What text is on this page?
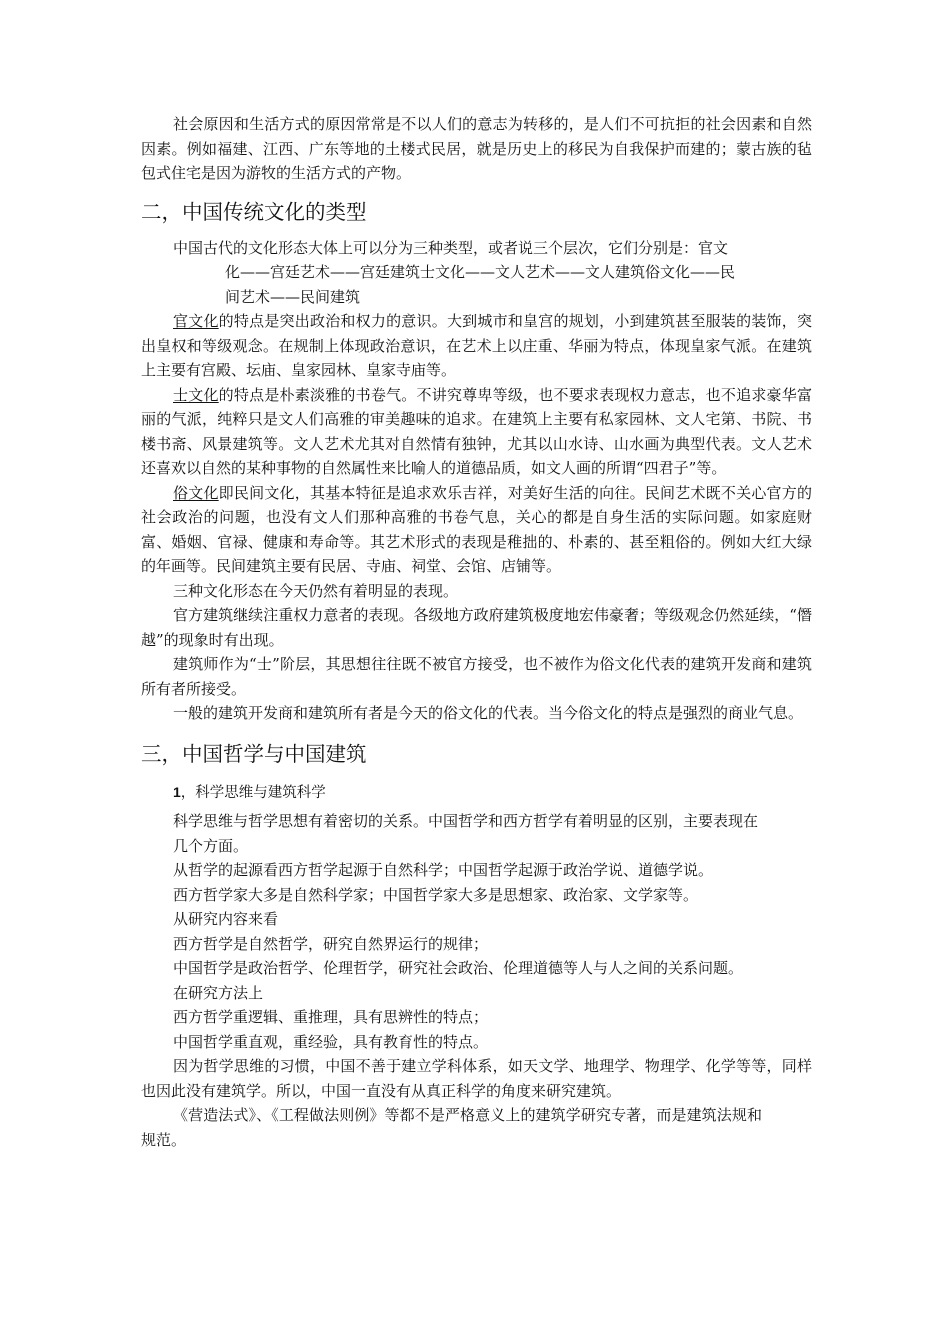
社会原因和生活方式的原因常常是不以人们的意志为转移的，是人们不可抗拒的社会因素和自然因素。例如福建、江西、广东等地的土楼式民居，就是历史上的移民为自我保护而建的；蒙古族的毡包式住宅是因为游牧的生活方式的产物。

二，中国传统文化的类型

中国古代的文化形态大体上可以分为三种类型，或者说三个层次，它们分别是：官文

化——宫廷艺术——宫廷建筑士文化——文人艺术——文人建筑俗文化——民

间艺术——民间建筑

官文化的特点是突出政治和权力的意识。大到城市和皇宫的规划，小到建筑甚至服装的装饰，突出皇权和等级观念。在规制上体现政治意识，在艺术上以庄重、华丽为特点，体现皇家气派。在建筑上主要有宫殿、坛庙、皇家园林、皇家寺庙等。

士文化的特点是朴素淡雅的书卷气。不讲究尊卑等级，也不要求表现权力意志，也不追求豪华富丽的气派，纯粹只是文人们高雅的审美趣味的追求。在建筑上主要有私家园林、文人宅第、书院、书楼书斋、风景建筑等。文人艺术尤其对自然情有独钟，尤其以山水诗、山水画为典型代表。文人艺术还喜欢以自然的某种事物的自然属性来比喻人的道德品质，如文人画的所谓“四君子”等。

俗文化即民间文化，其基本特征是追求欢乐吉祥，对美好生活的向往。民间艺术既不关心官方的社会政治的问题，也没有文人们那种高雅的书卷气息，关心的都是自身生活的实际问题。如家庭财富、婚姻、官禄、健康和寿命等。其艺术形式的表现是稚拙的、朴素的、甚至粗俗的。例如大红大绿的年画等。民间建筑主要有民居、寺庙、祠堂、会馆、店铺等。

三种文化形态在今天仍然有着明显的表现。

官方建筑继续注重权力意者的表现。各级地方政府建筑极度地宏伟豪奢；等级观念仍然延续，“僭越”的现象时有出现。

建筑师作为“士”阶层，其思想往往既不被官方接受，也不被作为俗文化代表的建筑开发商和建筑所有者所接受。

一般的建筑开发商和建筑所有者是今天的俗文化的代表。当今俗文化的特点是强烈的商业气息。

三，中国哲学与中国建筑

1，科学思维与建筑科学

科学思维与哲学思想有着密切的关系。中国哲学和西方哲学有着明显的区别，主要表现在几个方面。

从哲学的起源看西方哲学起源于自然科学；中国哲学起源于政治学说、道德学说。

西方哲学家大多是自然科学家；中国哲学家大多是思想家、政治家、文学家等。

从研究内容来看

西方哲学是自然哲学，研究自然界运行的规律；

中国哲学是政治哲学、伦理哲学，研究社会政治、伦理道德等人与人之间的关系问题。

在研究方法上

西方哲学重逻辑、重推理，具有思辨性的特点；

中国哲学重直观，重经验，具有教育性的特点。

因为哲学思维的习惯，中国不善于建立学科体系，如天文学、地理学、物理学、化学等等，同样也因此没有建筑学。所以，中国一直没有从真正科学的角度来研究建筑。

《营造法式》、《工程做法则例》等都不是严格意义上的建筑学研究专著，而是建筑法规和规范。
